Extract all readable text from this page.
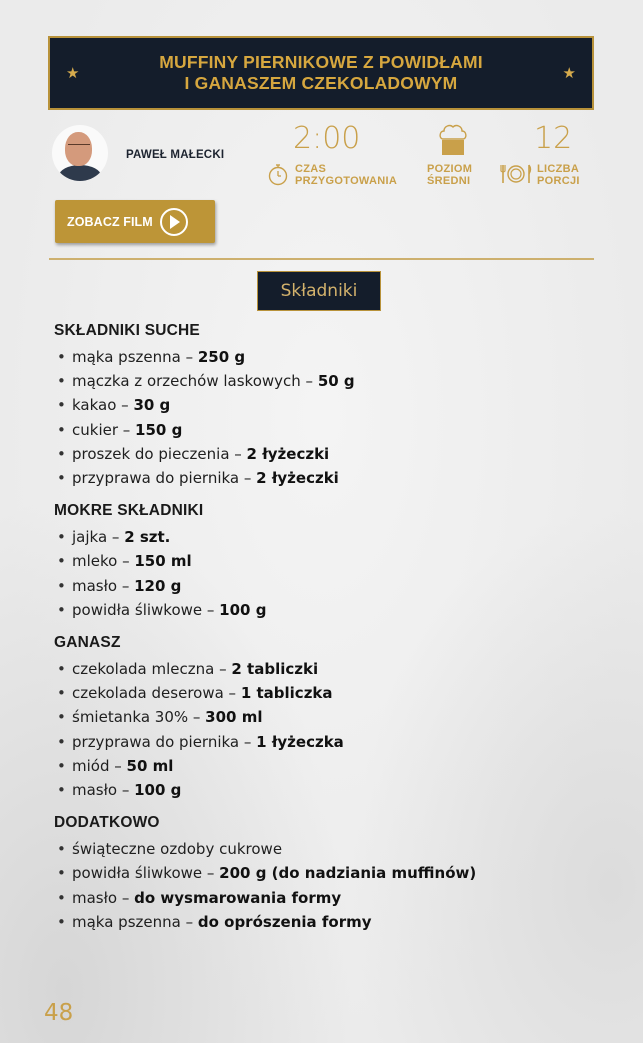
★
MUFFINY PIERNIKOWE Z POWIDŁAMI
I GANASZEM CZEKOLADOWYM	★
PAWEŁ MAŁECKI 2:00
CZAS
PRZYGOTOWANIA
POZIOM
ŚREDNI
12
LICZBA
PORCJI
ZOBACZ FILM
Składniki
SKŁADNIKI SUCHE
• mąka pszenna – 250 g
• mączka z orzechów laskowych – 50 g
• kakao – 30 g
• cukier – 150 g
• proszek do pieczenia – 2 łyżeczki
• przyprawa do piernika – 2 łyżeczki
MOKRE SKŁADNIKI
• jajka – 2 szt.
• mleko – 150 ml
• masło – 120 g
• powidła śliwkowe – 100 g
GANASZ
• czekolada mleczna – 2 tabliczki
• czekolada deserowa – 1 tabliczka
• śmietanka 30% – 300 ml
• przyprawa do piernika – 1 łyżeczka
• miód – 50 ml
• masło – 100 g
DODATKOWO
• świąteczne ozdoby cukrowe
• powidła śliwkowe – 200 g (do nadziania muffinów)
• masło – do wysmarowania formy
• mąka pszenna – do oprószenia formy
48
